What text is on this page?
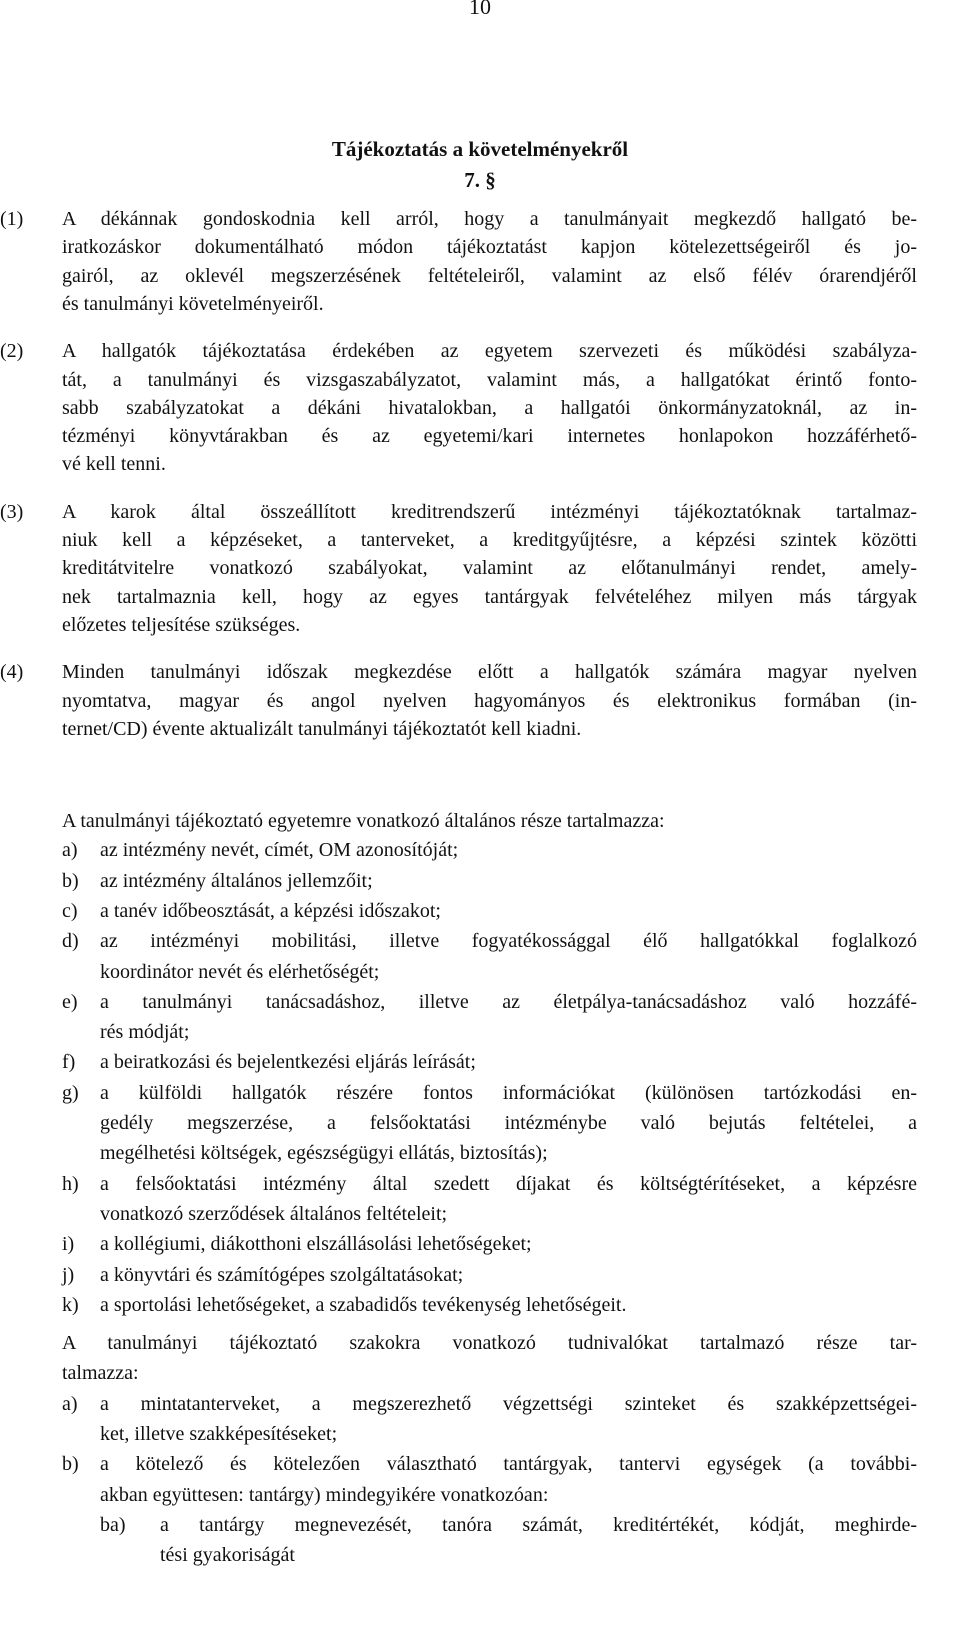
10
Tájékoztatás a követelményekről
7. §
(1) A dékánnak gondoskodnia kell arról, hogy a tanulmányait megkezdő hallgató be-
iratkozáskor dokumentálható módon tájékoztatást kapjon kötelezettségeiről és jo-
gairól, az oklevél megszerzésének feltételeiről, valamint az első félév órarendjéről
és tanulmányi követelményeiről.
(2) A hallgatók tájékoztatása érdekében az egyetem szervezeti és működési szabályza-
tát, a tanulmányi és vizsgaszabályzatot, valamint más, a hallgatókat érintő fonto-
sabb szabályzatokat a dékáni hivatalokban, a hallgatói önkormányzatoknál, az in-
tézményi könyvtárakban és az egyetemi/kari internetes honlapokon hozzáférhető-
vé kell tenni.
(3) A karok által összeállított kreditrendszerű intézményi tájékoztatóknak tartalmaz-
niuk kell a képzéseket, a tanterveket, a kreditgyűjtésre, a képzési szintek közötti
kreditátvitelre vonatkozó szabályokat, valamint az előtanulmányi rendet, amely-
nek tartalmaznia kell, hogy az egyes tantárgyak felvételéhez milyen más tárgyak
előzetes teljesítése szükséges.
(4) Minden tanulmányi időszak megkezdése előtt a hallgatók számára magyar nyelven
nyomtatva, magyar és angol nyelven hagyományos és elektronikus formában (in-
ternet/CD) évente aktualizált tanulmányi tájékoztatót kell kiadni.
A tanulmányi tájékoztató egyetemre vonatkozó általános része tartalmazza:
a) az intézmény nevét, címét, OM azonosítóját;
b) az intézmény általános jellemzőit;
c) a tanév időbeosztását, a képzési időszakot;
d) az intézményi mobilitási, illetve fogyatékossággal élő hallgatókkal foglalkozó
koordinátor nevét és elérhetőségét;
e) a tanulmányi tanácsadáshoz, illetve az életpálya-tanácsadáshoz való hozzáfé-
rés módját;
f) a beiratkozási és bejelentkezési eljárás leírását;
g) a külföldi hallgatók részére fontos információkat (különösen tartózkodási en-
gedély megszerzése, a felsőoktatási intézménybe való bejutás feltételei, a
megélhetési költségek, egészségügyi ellátás, biztosítás);
h) a felsőoktatási intézmény által szedett díjakat és költségtérítéseket, a képzésre
vonatkozó szerződések általános feltételeit;
i) a kollégiumi, diákotthoni elszállásolási lehetőségeket;
j) a könyvtári és számítógépes szolgáltatásokat;
k) a sportolási lehetőségeket, a szabadidős tevékenység lehetőségeit.
A tanulmányi tájékoztató szakokra vonatkozó tudnivalókat tartalmazó része tar-
talmazza:
a) a mintatanterveket, a megszerezhető végzettségi szinteket és szakképzettségei-
ket, illetve szakképesítéseket;
b) a kötelező és kötelezően választható tantárgyak, tantervi egységek (a további-
akban együttesen: tantárgy) mindegyikére vonatkozóan:
ba) a tantárgy megnevezését, tanóra számát, kreditértékét, kódját, meghirde-
tési gyakoriságát
